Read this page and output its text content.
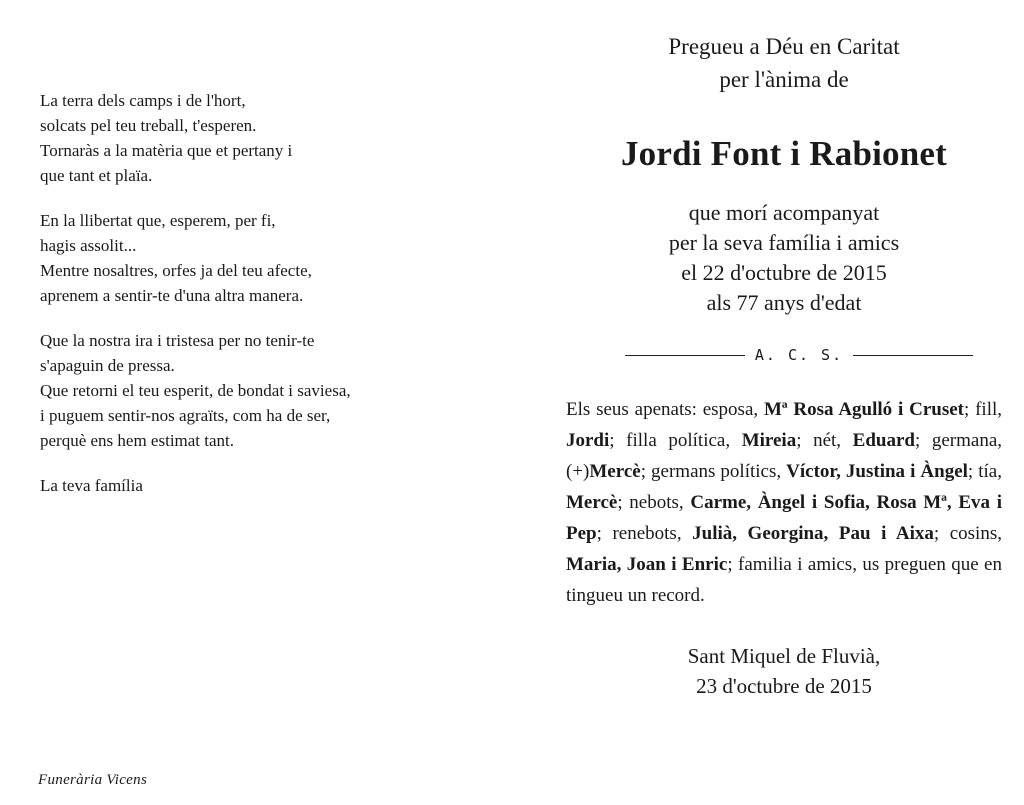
La terra dels camps i de l'hort,
solcats pel teu treball, t'esperen.
Tornaràs a la matèria que et pertany i
que tant et plaïa.
En la llibertat que, esperem, per fi,
hagis assolit...
Mentre nosaltres, orfes ja del teu afecte,
aprenem a sentir-te d'una altra manera.
Que la nostra ira i tristesa per no tenir-te
s'apaguin de pressa.
Que retorni el teu esperit, de bondat i saviesa,
i puguem sentir-nos agraïts, com ha de ser,
perquè ens hem estimat tant.
La teva família
Funerària Vicens
Pregueu a Déu en Caritat
per l'ànima de
Jordi Font i Rabionet
que morí acompanyat
per la seva família i amics
el 22 d'octubre de 2015
als 77 anys d'edat
A. C. S.
Els seus apenats: esposa, Mª Rosa Agulló i Cruset; fill, Jordi; filla política, Mireia; nét, Eduard; germana, (+)Mercè; germans polítics, Víctor, Justina i Àngel; tía, Mercè; nebots, Carme, Àngel i Sofia, Rosa Mª, Eva i Pep; renebots, Julià, Georgina, Pau i Aixa; cosins, Maria, Joan i Enric; familia i amics, us preguen que en tingueu un record.
Sant Miquel de Fluvià,
23 d'octubre de 2015
